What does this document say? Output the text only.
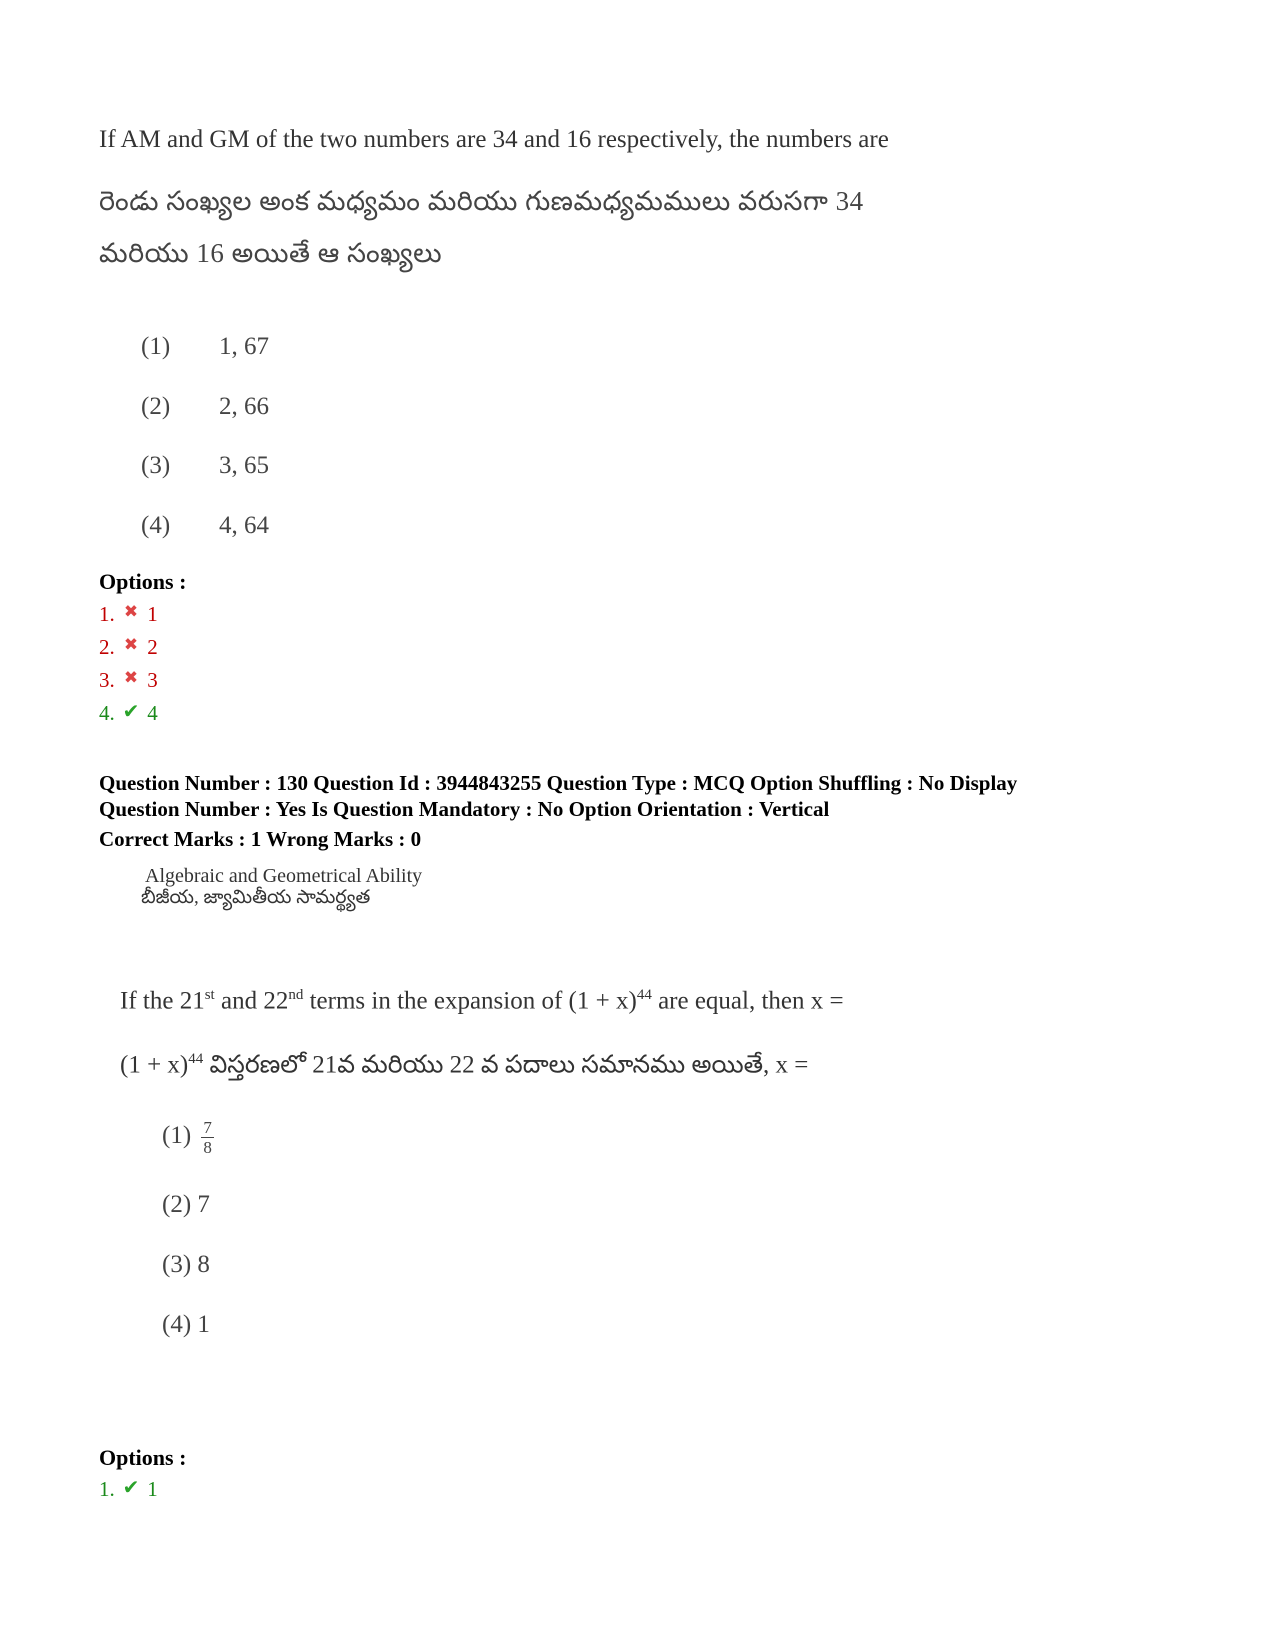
If AM and GM of the two numbers are 34 and 16 respectively, the numbers are
రెండు సంఖ్యల అంక మధ్యమం మరియు గుణమధ్యమములు వరుసగా 34
మరియు 16 అయితే ఆ సంఖ్యలు
(1) 1, 67
(2) 2, 66
(3) 3, 65
(4) 4, 64
Options :
1. ✖ 1
2. ✖ 2
3. ✖ 3
4. ✔ 4
Question Number : 130 Question Id : 3944843255 Question Type : MCQ Option Shuffling : No Display
Question Number : Yes Is Question Mandatory : No Option Orientation : Vertical
Correct Marks : 1 Wrong Marks : 0
Algebraic and Geometrical Ability
బీజీయ, జ్యామితీయ సామర్థ్యత
If the 21st and 22nd terms in the expansion of $(1 + x)^{44}$ are equal, then x =
$(1 + x)^{44}$ విస్తరణలో 21వ మరియు 22 వ పదాలు సమానము అయితే, x =
$(1) \frac{7}{8}$
(2) 7
(3) 8
(4) 1
Options :
1. ✔ 1
